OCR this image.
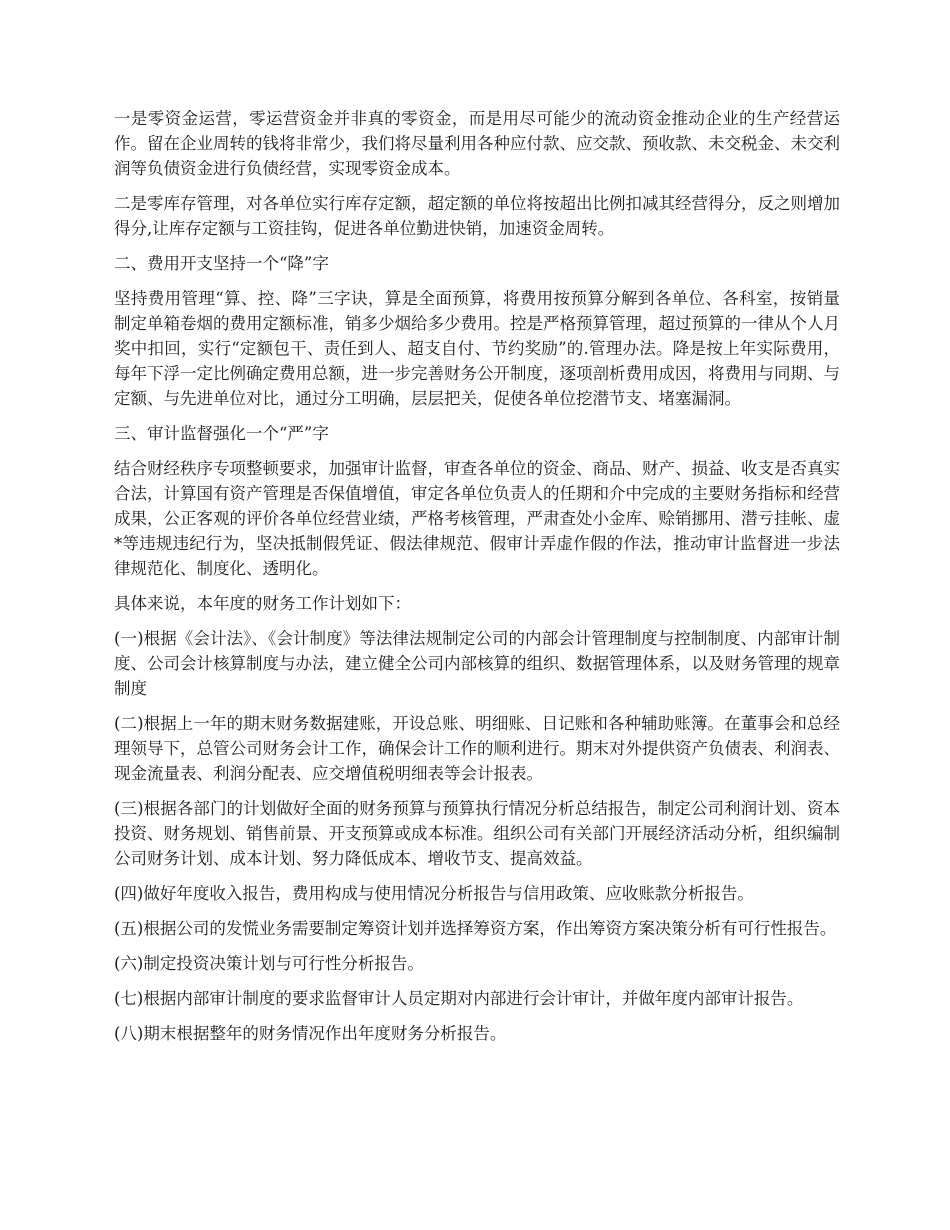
一是零资金运营，零运营资金并非真的零资金，而是用尽可能少的流动资金推动企业的生产经营运作。留在企业周转的钱将非常少，我们将尽量利用各种应付款、应交款、预收款、未交税金、未交利润等负债资金进行负债经营，实现零资金成本。

二是零库存管理，对各单位实行库存定额，超定额的单位将按超出比例扣减其经营得分，反之则增加得分,让库存定额与工资挂钩，促进各单位勤进快销，加速资金周转。

二、费用开支坚持一个“降”字

坚持费用管理“算、控、降”三字诀，算是全面预算，将费用按预算分解到各单位、各科室，按销量制定单箱卷烟的费用定额标准，销多少烟给多少费用。控是严格预算管理，超过预算的一律从个人月奖中扣回，实行“定额包干、责任到人、超支自付、节约奖励”的.管理办法。降是按上年实际费用，每年下浮一定比例确定费用总额，进一步完善财务公开制度，逐项剖析费用成因，将费用与同期、与定额、与先进单位对比，通过分工明确，层层把关，促使各单位挖潜节支、堵塞漏洞。

三、审计监督强化一个“严”字

结合财经秩序专项整顿要求，加强审计监督，审查各单位的资金、商品、财产、损益、收支是否真实合法，计算国有资产管理是否保值增值，审定各单位负责人的任期和介中完成的主要财务指标和经营成果，公正客观的评价各单位经营业绩，严格考核管理，严肃查处小金库、赊销挪用、潜亏挂帐、虚*等违规违纪行为，坚决抵制假凭证、假法律规范、假审计弄虚作假的作法，推动审计监督进一步法律规范化、制度化、透明化。

具体来说，本年度的财务工作计划如下：

(一)根据《会计法》、《会计制度》等法律法规制定公司的内部会计管理制度与控制制度、内部审计制度、公司会计核算制度与办法，建立健全公司内部核算的组织、数据管理体系，以及财务管理的规章制度

(二)根据上一年的期末财务数据建账，开设总账、明细账、日记账和各种辅助账簿。在董事会和总经理领导下，总管公司财务会计工作，确保会计工作的顺利进行。期末对外提供资产负债表、利润表、现金流量表、利润分配表、应交增值税明细表等会计报表。

(三)根据各部门的计划做好全面的财务预算与预算执行情况分析总结报告，制定公司利润计划、资本投资、财务规划、销售前景、开支预算或成本标准。组织公司有关部门开展经济活动分析，组织编制公司财务计划、成本计划、努力降低成本、增收节支、提高效益。

(四)做好年度收入报告，费用构成与使用情况分析报告与信用政策、应收账款分析报告。

(五)根据公司的发慌业务需要制定筹资计划并选择筹资方案，作出筹资方案决策分析有可行性报告。

(六)制定投资决策计划与可行性分析报告。

(七)根据内部审计制度的要求监督审计人员定期对内部进行会计审计，并做年度内部审计报告。

(八)期末根据整年的财务情况作出年度财务分析报告。
